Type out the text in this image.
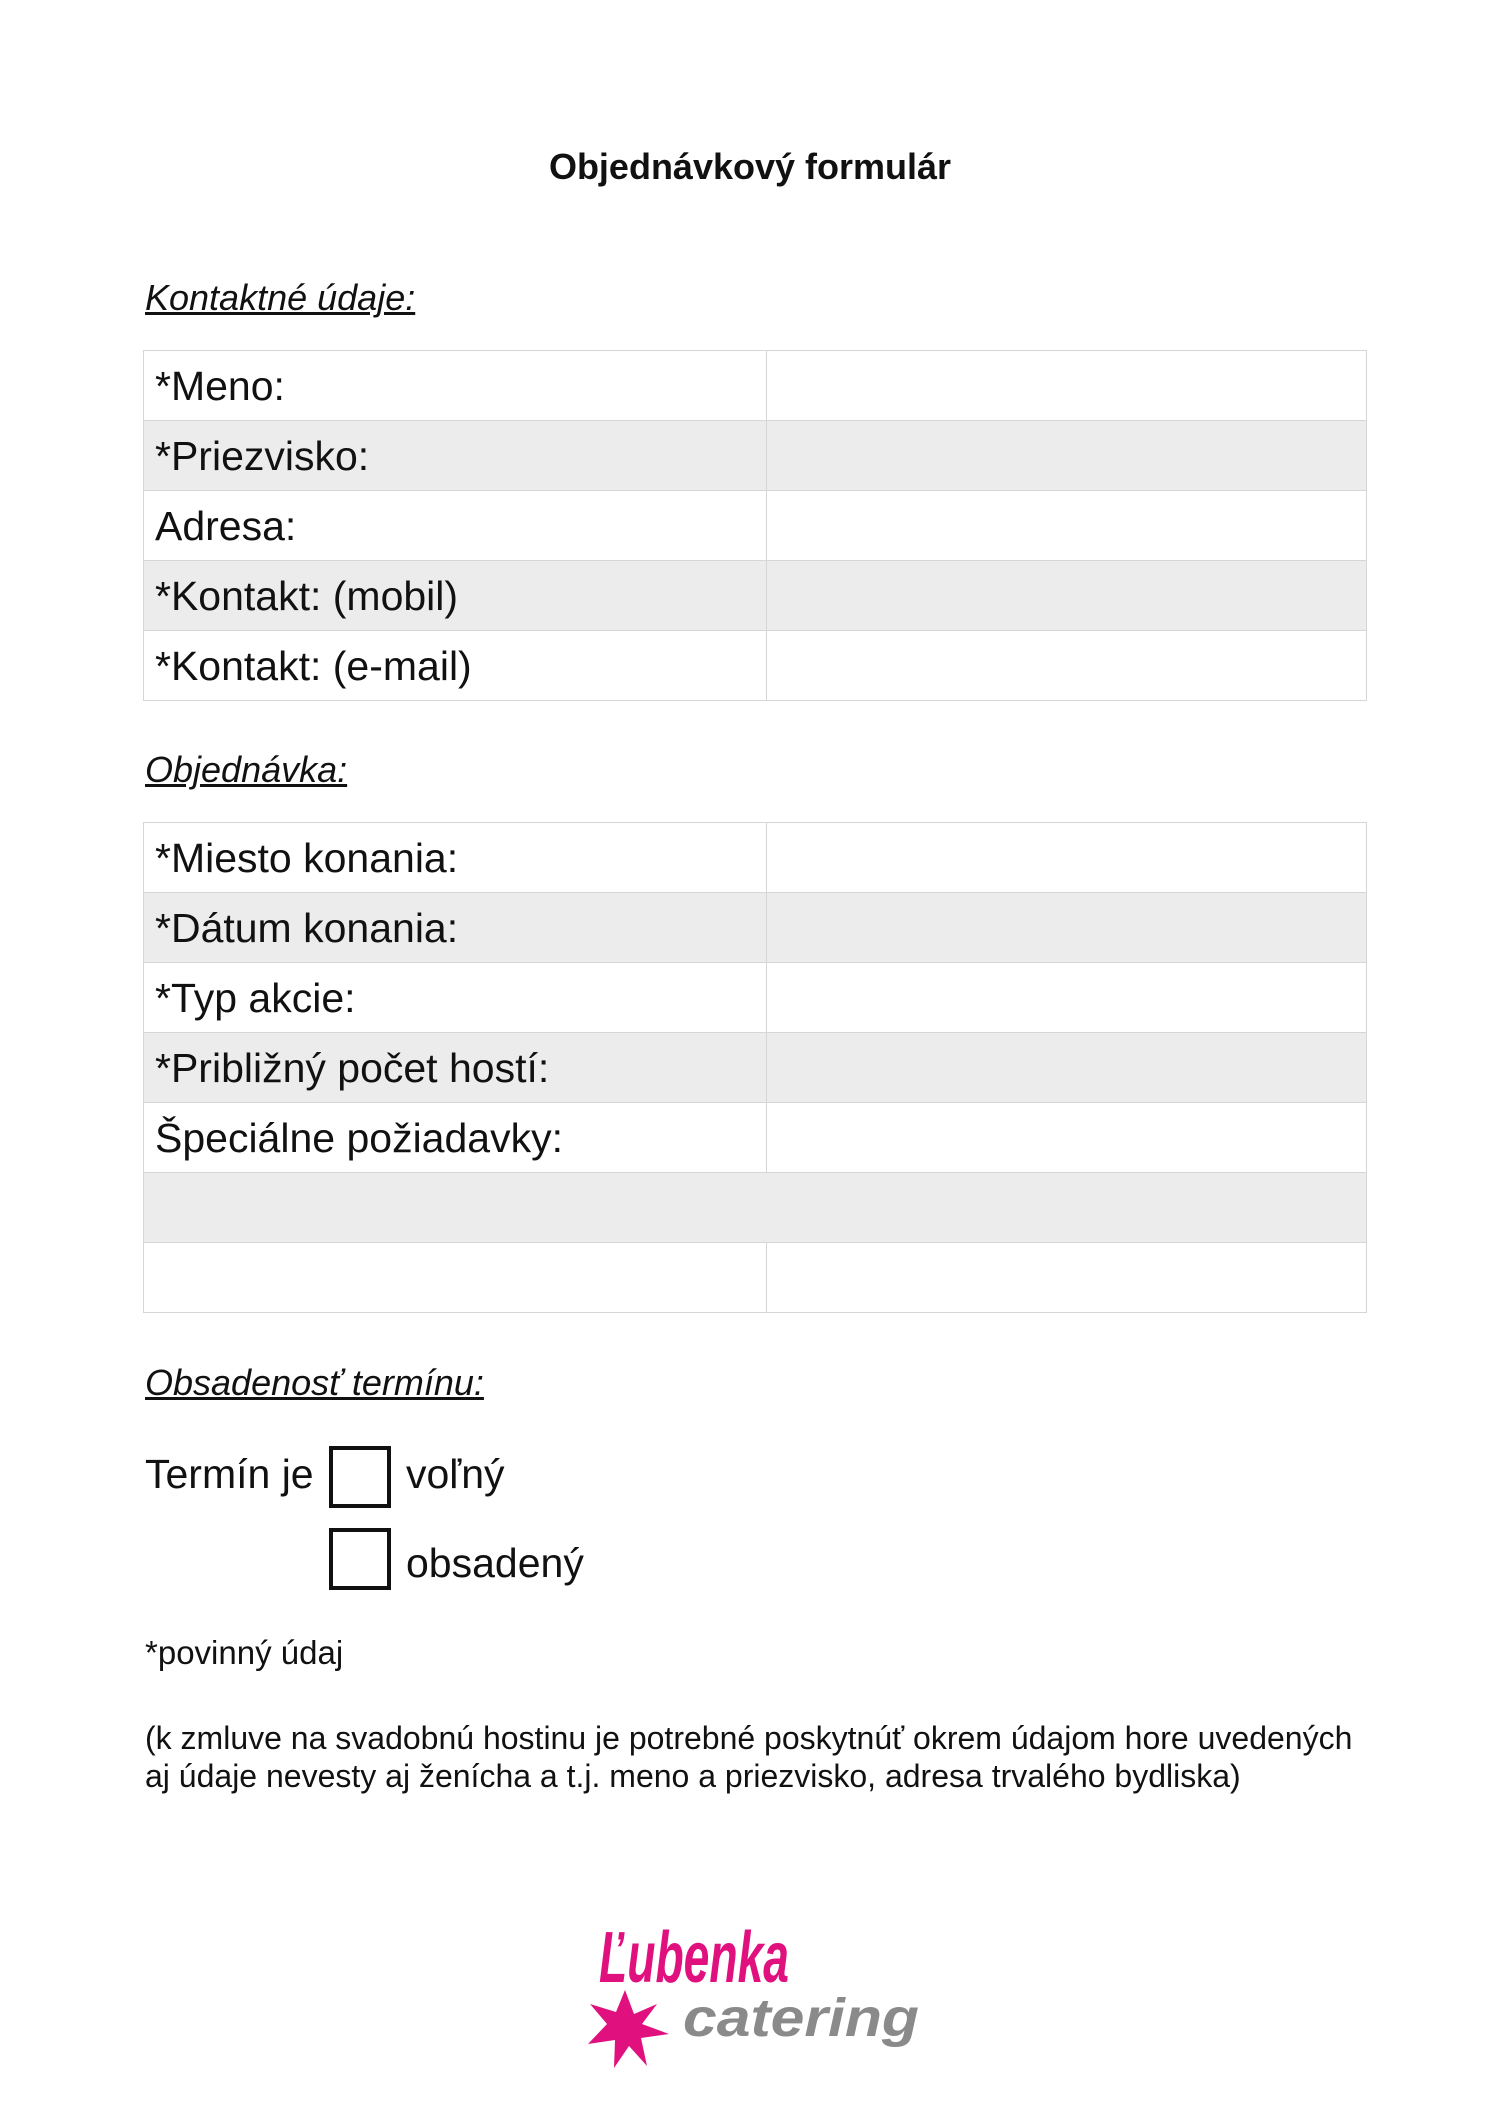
Objednávkový formulár
Kontaktné údaje:
*Meno:	
*Priezvisko:	
Adresa:	
*Kontakt: (mobil)	
*Kontakt: (e-mail)	
Objednávka:
*Miesto konania:	
*Dátum konania:	
*Typ akcie:	
*Približný počet hostí:	
Špeciálne požiadavky:	

Obsadenosť termínu:
Termín je voľný
obsadený
*povinný údaj
(k zmluve na svadobnú hostinu je potrebné poskytnúť okrem údajom hore uvedených aj údaje nevesty aj ženícha a t.j. meno a priezvisko, adresa trvalého bydliska)
Ľubenka
catering
